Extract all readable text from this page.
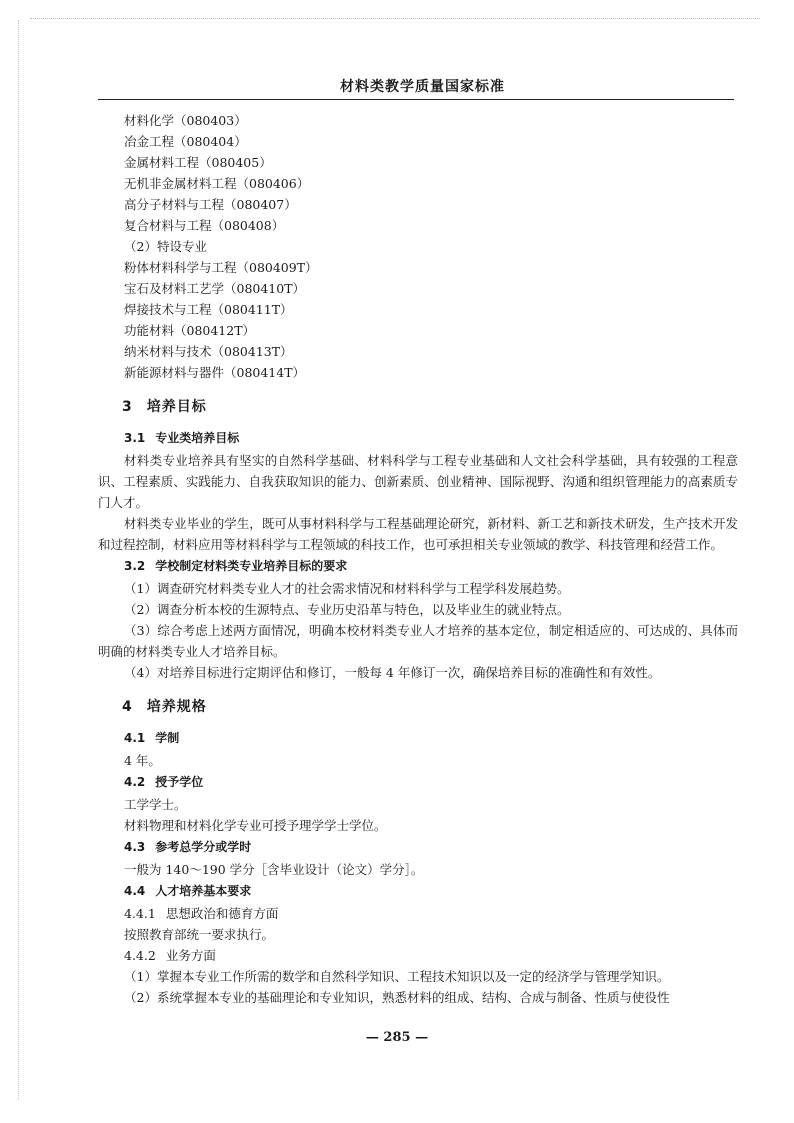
材料类教学质量国家标准

材料化学（080403）

冶金工程（080404）

金属材料工程（080405）

无机非金属材料工程（080406）

高分子材料与工程（080407）

复合材料与工程（080408）

（2）特设专业

粉体材料科学与工程（080409T）

宝石及材料工艺学（080410T）

焊接技术与工程（080411T）

功能材料（080412T）

纳米材料与技术（080413T）

新能源材料与器件（080414T）

3 培养目标
3.1 专业类培养目标

材料类专业培养具有坚实的自然科学基础、材料科学与工程专业基础和人文社会科学基础，具有较强的工程意识、工程素质、实践能力、自我获取知识的能力、创新素质、创业精神、国际视野、沟通和组织管理能力的高素质专门人才。

材料类专业毕业的学生，既可从事材料科学与工程基础理论研究，新材料、新工艺和新技术研发，生产技术开发和过程控制，材料应用等材料科学与工程领域的科技工作，也可承担相关专业领域的教学、科技管理和经营工作。

3.2 学校制定材料类专业培养目标的要求

（1）调查研究材料类专业人才的社会需求情况和材料科学与工程学科发展趋势。

（2）调查分析本校的生源特点、专业历史沿革与特色，以及毕业生的就业特点。

（3）综合考虑上述两方面情况，明确本校材料类专业人才培养的基本定位，制定相适应的、可达成的、具体而明确的材料类专业人才培养目标。

（4）对培养目标进行定期评估和修订，一般每 4 年修订一次，确保培养目标的准确性和有效性。

4 培养规格
4.1 学制

4 年。

4.2 授予学位

工学学士。

材料物理和材料化学专业可授予理学学士学位。

4.3 参考总学分或学时

一般为 140～190 学分［含毕业设计（论文）学分］。

4.4 人才培养基本要求

4.4.1 思想政治和德育方面

按照教育部统一要求执行。

4.4.2 业务方面

（1）掌握本专业工作所需的数学和自然科学知识、工程技术知识以及一定的经济学与管理学知识。

（2）系统掌握本专业的基础理论和专业知识，熟悉材料的组成、结构、合成与制备、性质与使役性

— 285 —
